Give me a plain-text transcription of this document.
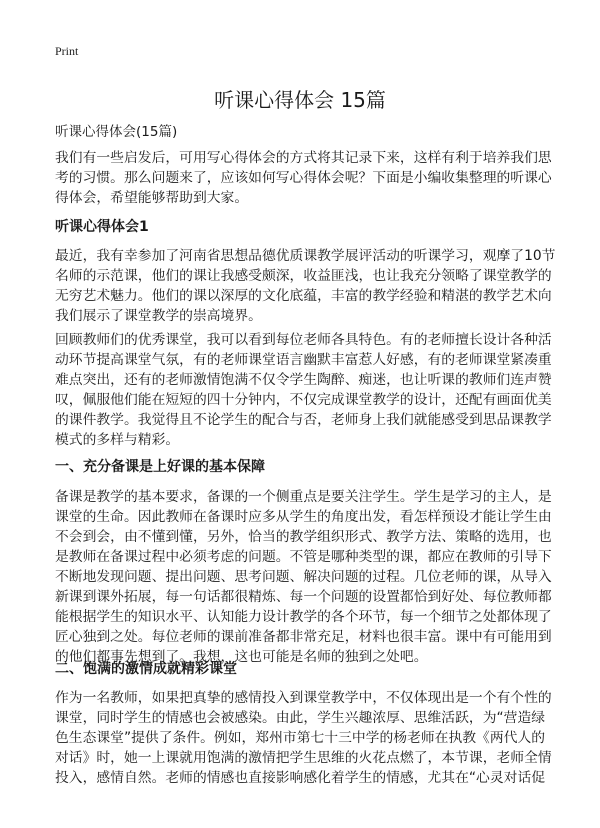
Print
听课心得体会 15篇
听课心得体会(15篇)
我们有一些启发后，可用写心得体会的方式将其记录下来，这样有利于培养我们思
考的习惯。那么问题来了，应该如何写心得体会呢？下面是小编收集整理的听课心
得体会，希望能够帮助到大家。
听课心得体会1
最近，我有幸参加了河南省思想品德优质课教学展评活动的听课学习，观摩了10节
名师的示范课，他们的课让我感受颇深，收益匪浅，也让我充分领略了课堂教学的
无穷艺术魅力。他们的课以深厚的文化底蕴，丰富的教学经验和精湛的教学艺术向
我们展示了课堂教学的崇高境界。
回顾教师们的优秀课堂，我可以看到每位老师各具特色。有的老师擅长设计各种活
动环节提高课堂气氛，有的老师课堂语言幽默丰富惹人好感，有的老师课堂紧凑重
难点突出，还有的老师激情饱满不仅令学生陶醉、痴迷，也让听课的教师们连声赞
叹，佩服他们能在短短的四十分钟内，不仅完成课堂教学的设计，还配有画面优美
的课件教学。我觉得且不论学生的配合与否，老师身上我们就能感受到思品课教学
模式的多样与精彩。
一、充分备课是上好课的基本保障
备课是教学的基本要求，备课的一个侧重点是要关注学生。学生是学习的主人，是
课堂的生命。因此教师在备课时应多从学生的角度出发，看怎样预设才能让学生由
不会到会，由不懂到懂，另外，恰当的教学组织形式、教学方法、策略的选用，也
是教师在备课过程中必须考虑的问题。不管是哪种类型的课，都应在教师的引导下
不断地发现问题、提出问题、思考问题、解决问题的过程。几位老师的课，从导入
新课到课外拓展，每一句话都很精炼、每一个问题的设置都恰到好处、每位教师都
能根据学生的知识水平、认知能力设计教学的各个环节，每一个细节之处都体现了
匠心独到之处。每位老师的课前准备都非常充足，材料也很丰富。课中有可能用到
的他们都事先想到了。我想，这也可能是名师的独到之处吧。
二、饱满的激情成就精彩课堂
作为一名教师，如果把真挚的感情投入到课堂教学中，不仅体现出是一个有个性的
课堂，同时学生的情感也会被感染。由此，学生兴趣浓厚、思维活跃，为“营造绿
色生态课堂”提供了条件。例如，郑州市第七十三中学的杨老师在执教《两代人的
对话》时，她一上课就用饱满的激情把学生思维的火花点燃了，本节课，老师全情
投入，感情自然。老师的情感也直接影响感化着学生的情感，尤其在“心灵对话促
